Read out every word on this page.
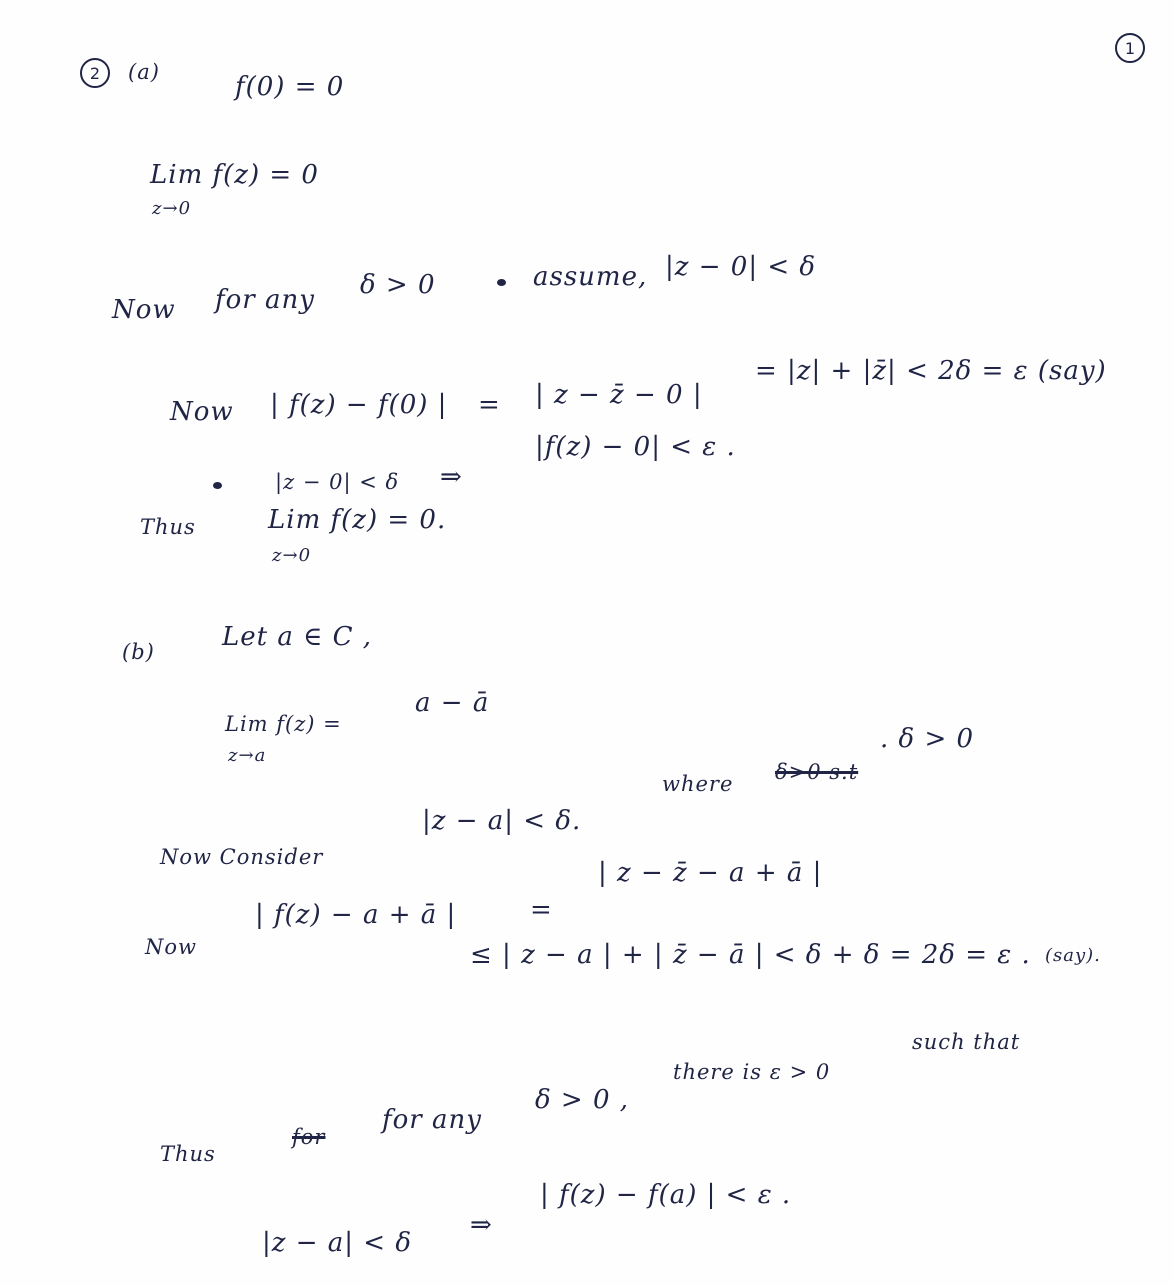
2 (a)
1
f(0) = 0
Lim f(z) = 0
z→0
Now for any δ > 0	assume, |z − 0| < δ
Now | f(z) − f(0) | = | z − z̄ − 0 |
= |z| + |z̄| < 2δ = ε (say)
|z − 0| < δ ⇒
|f(z) − 0| < ε .
Thus	Lim f(z) = 0.
z→0
(b)	Let a ∈ C ,
Lim f(z) =
a − ā
z→a
Now Consider
|z − a| < δ.
where δ>0 s.t
. δ > 0
Now
| f(z) − a + ā |	=
| z − z̄ − a + ā |
≤ | z − a | + | z̄ − ā | < δ + δ = 2δ = ε . (say).
Thus
for
for any
δ > 0 ,
there is ε > 0
such that
|z − a| < δ
⇒
| f(z) − f(a) | < ε .
